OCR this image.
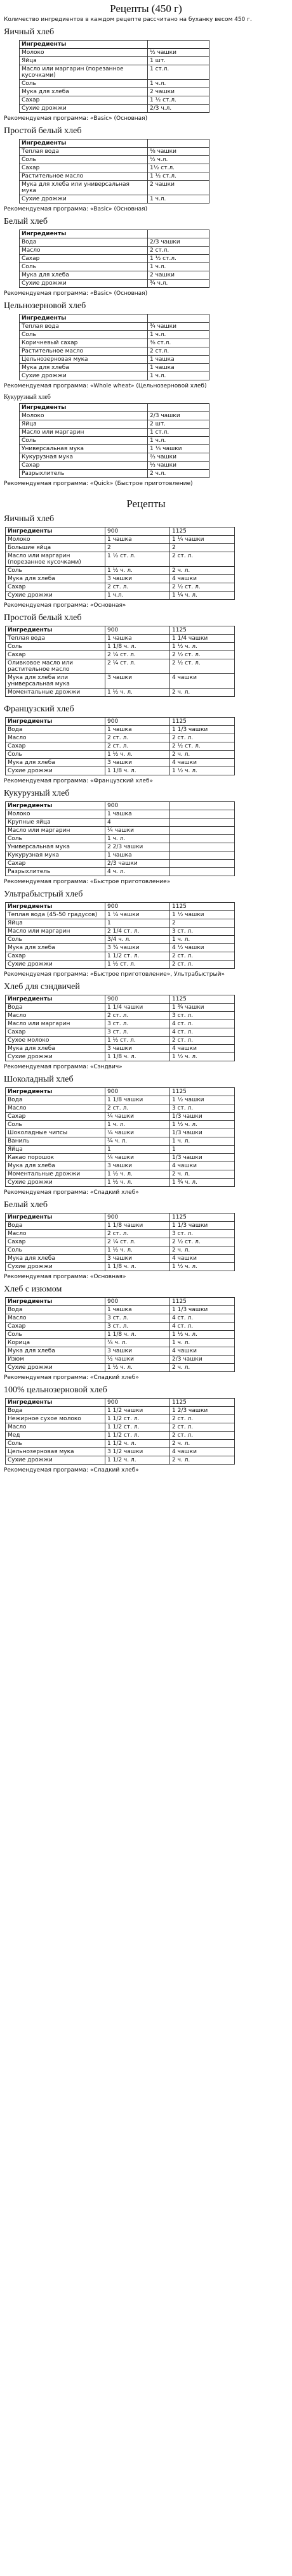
Рецепты (450 г)
Количество ингредиентов в каждом рецепте рассчитано на буханку весом 450 г.
Яичный хлеб
Ингредиенты	
Молоко	½ чашки
Яйца	1 шт.
Масло или маргарин (порезанное кусочками)	1 ст.л.
Соль	1 ч.л.
Мука для хлеба	2 чашки
Сахар	1 ½ ст.л.
Сухие дрожжи	2/3 ч.л.
Рекомендуемая программа: «Basic» (Основная)
Простой белый хлеб
Ингредиенты	
Теплая вода	⅝ чашки
Соль	½ ч.л.
Сахар	1½ ст.л.
Растительное масло	1 ½ ст.л.
Мука для хлеба или универсальная мука	2 чашки
Сухие дрожжи	1 ч.л.
Рекомендуемая программа: «Basic» (Основная)
Белый хлеб
Ингредиенты	
Вода	2/3 чашки
Масло	2 ст.л.
Сахар	1 ½ ст.л.
Соль	1 ч.л.
Мука для хлеба	2 чашки
Сухие дрожжи	¾ ч.л.
Рекомендуемая программа: «Basic» (Основная)
Цельнозерновой хлеб
Ингредиенты	
Теплая вода	¾ чашки
Соль	1 ч.л.
Коричневый сахар	⅜ ст.л.
Растительное масло	2 ст.л.
Цельнозерновая мука	1 чашка
Мука для хлеба	1 чашка
Сухие дрожжи	1 ч.л.
Рекомендуемая программа: «Whole wheat» (Цельнозерновой хлеб)
Кукурузный хлеб
Ингредиенты	
Молоко	2/3 чашки
Яйца	2 шт.
Масло или маргарин	1 ст.л.
Соль	1 ч.л.
Универсальная мука	1 ⅓ чашки
Кукурузная мука	⅔ чашки
Сахар	⅓ чашки
Разрыхлитель	2 ч.л.
Рекомендуемая программа: «Quick» (Быстрое приготовление)
Рецепты
Яичный хлеб
Ингредиенты	900	1125
Молоко	1 чашка	1 ¼ чашки
Большие яйца	2	2
Масло или маргарин (порезанное кусочками)	1 ½ ст. л.	2 ст. л.
Соль	1 ½ ч. л.	2 ч. л.
Мука для хлеба	3 чашки	4 чашки
Сахар	2 ст. л.	2 ½ ст. л.
Сухие дрожжи	1 ч.л.	1 ¼ ч. л.
Рекомендуемая программа: «Основная»
Простой белый хлеб
Ингредиенты	900	1125
Теплая вода	1 чашка	1 1/4 чашки
Соль	1 1/8 ч. л.	1 ½ ч. л.
Сахар	2 ¼ ст. л.	2 ½ ст. л.
Оливковое масло или растительное масло	2 ¼ ст. л.	2 ½ ст. л.
Мука для хлеба или универсальная мука	3 чашки	4 чашки
Моментальные дрожжи	1 ½ ч. л.	2 ч. л.
Французский хлеб
Ингредиенты	900	1125
Вода	1 чашка	1 1/3 чашки
Масло	2 ст. л.	2 ст. л.
Сахар	2 ст. л.	2 ½ ст. л.
Соль	1 ½ ч. л.	2 ч. л.
Мука для хлеба	3 чашки	4 чашки
Сухие дрожжи	1 1/8 ч. л.	1 ½ ч. л.
Рекомендуемая программа: «Французский хлеб»
Кукурузный хлеб
Ингредиенты	900	
Молоко	1 чашка	
Крупные яйца	4	
Масло или маргарин	¼ чашки	
Соль	1 ч. л.	
Универсальная мука	2 2/3 чашки	
Кукурузная мука	1 чашка	
Сахар	2/3 чашки	
Разрыхлитель	4 ч. л.	
Рекомендуемая программа: «Быстрое приготовление»
Ультрабыстрый хлеб
Ингредиенты	900	1125
Теплая вода (45-50 градусов)	1 ¼ чашки	1 ½ чашки
Яйца	1	2
Масло или маргарин	2 1/4 ст. л.	3 ст. л.
Соль	3/4 ч. л.	1 ч. л.
Мука для хлеба	3 ¾ чашки	4 ½ чашки
Сахар	1 1/2 ст. л.	2 ст. л.
Сухие дрожжи	1 ½ ст. л.	2 ст. л.
Рекомендуемая программа: «Быстрое приготовление», Ультрабыстрый»
Хлеб для сэндвичей
Ингредиенты	900	1125
Вода	1 1/4 чашки	1 ¾ чашки
Масло	2 ст. л.	3 ст. л.
Масло или маргарин	3 ст. л.	4 ст. л.
Сахар	3 ст. л.	4 ст. л.
Сухое молоко	1 ½ ст. л.	2 ст. л.
Мука для хлеба	3 чашки	4 чашки
Сухие дрожжи	1 1/8 ч. л.	1 ½ ч. л.
Рекомендуемая программа: «Сэндвич»
Шоколадный хлеб
Ингредиенты	900	1125
Вода	1 1/8 чашки	1 ½ чашки
Масло	2 ст. л.	3 ст. л.
Сахар	¼ чашки	1/3 чашки
Соль	1 ч. л.	1 ½ ч. л.
Шоколадные чипсы	¼ чашки	1/3 чашки
Ваниль	¾ ч. л.	1 ч. л.
Яйца	1	1
Какао порошок	¼ чашки	1/3 чашки
Мука для хлеба	3 чашки	4 чашки
Моментальные дрожжи	1 ½ ч. л.	2 ч. л.
Сухие дрожжи	1 ½ ч. л.	1 ¾ ч. л.
Рекомендуемая программа: «Сладкий хлеб»
Белый хлеб
Ингредиенты	900	1125
Вода	1 1/8 чашки	1 1/3 чашки
Масло	2 ст. л.	3 ст. л.
Сахар	2 ¼ ст. л.	2 ½ ст. л.
Соль	1 ½ ч. л.	2 ч. л.
Мука для хлеба	3 чашки	4 чашки
Сухие дрожжи	1 1/8 ч. л.	1 ½ ч. л.
Рекомендуемая программа: «Основная»
Хлеб с изюмом
Ингредиенты	900	1125
Вода	1 чашка	1 1/3 чашки
Масло	3 ст. л.	4 ст. л.
Сахар	3 ст. л.	4 ст. л.
Соль	1 1/8 ч. л.	1 ½ ч. л.
Корица	¾ ч. л.	1 ч. л.
Мука для хлеба	3 чашки	4 чашки
Изюм	½ чашки	2/3 чашки
Сухие дрожжи	1 ½ ч. л.	2 ч. л.
Рекомендуемая программа: «Сладкий хлеб»
100% цельнозерновой хлеб
Ингредиенты	900	1125
Вода	1 1/2 чашки	1 2/3 чашки
Нежирное сухое молоко	1 1/2 ст. л.	2 ст. л.
Масло	1 1/2 ст. л.	2 ст. л.
Мед	1 1/2 ст. л.	2 ст. л.
Соль	1 1/2 ч. л.	2 ч. л.
Цельнозерновая мука	3 1/2 чашки	4 чашки
Сухие дрожжи	1 1/2 ч. л.	2 ч. л.
Рекомендуемая программа: «Сладкий хлеб»
